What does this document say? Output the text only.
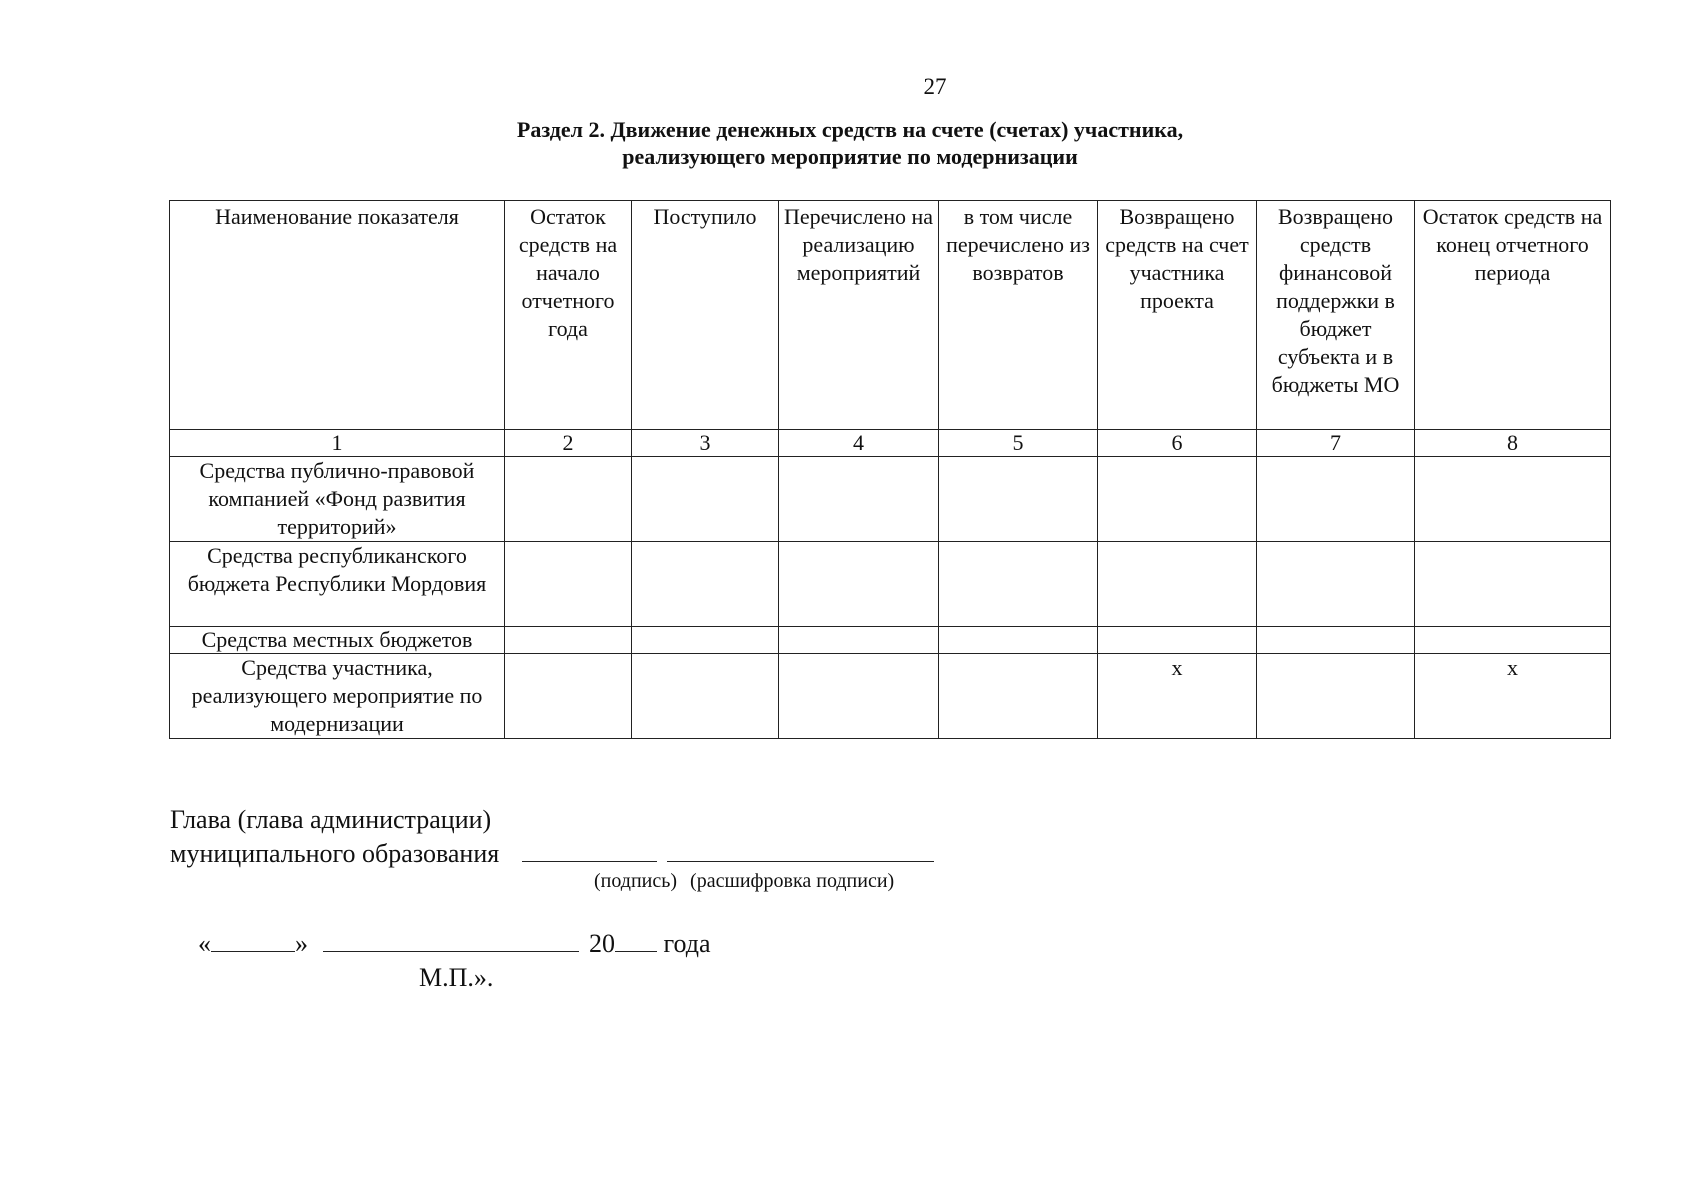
27
Раздел 2. Движение денежных средств на счете (счетах) участника,
реализующего мероприятие по модернизации
Наименование показателя	Остаток средств на начало отчетного года	Поступило	Перечислено на реализацию мероприятий	в том числе перечислено из возвратов	Возвращено средств на счет участника проекта	Возвращено средств финансовой поддержки в бюджет субъекта и в бюджеты МО	Остаток средств на конец отчетного периода
1	2	3	4	5	6	7	8
Средства публично-правовой компанией «Фонд развития территорий»							
Средства республиканского бюджета Республики Мордовия							
Средства местных бюджетов							
Средства участника, реализующего мероприятие по модернизации					x		x
Глава (глава администрации)
муниципального образования
(подпись) (расшифровка подписи)
«	»	20 года
М.П.».
